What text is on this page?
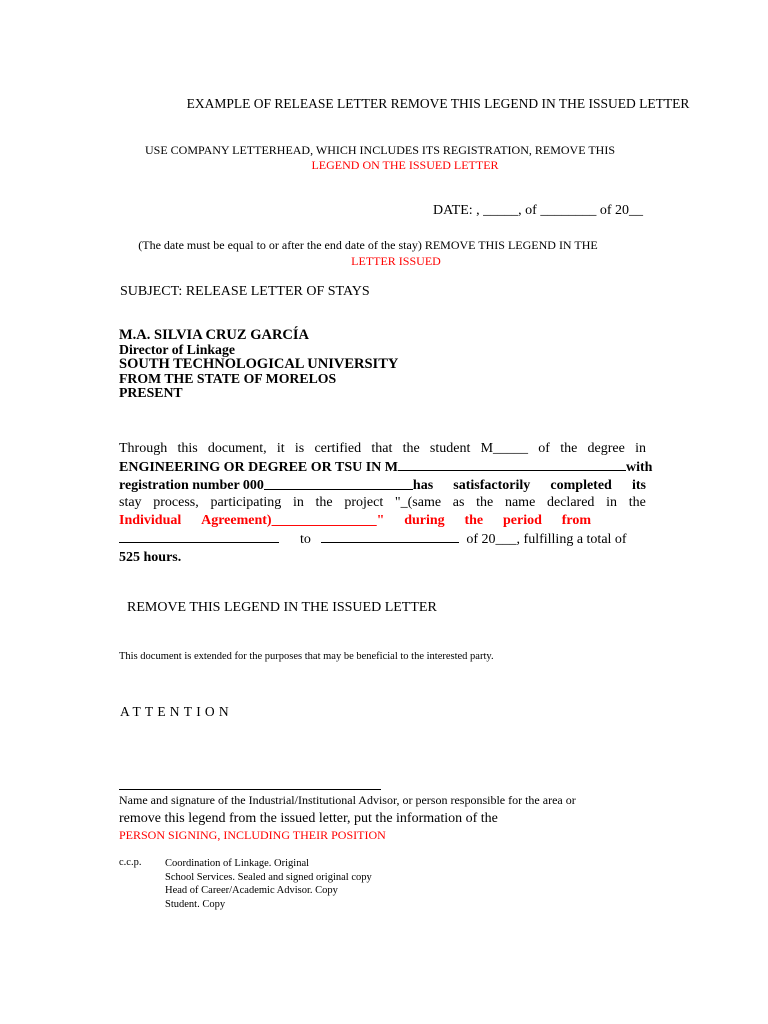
EXAMPLE OF RELEASE LETTER REMOVE THIS LEGEND IN THE ISSUED LETTER
USE COMPANY LETTERHEAD, WHICH INCLUDES ITS REGISTRATION, REMOVE THIS
LEGEND ON THE ISSUED LETTER
DATE: , _____, of ________ of 20__
(The date must be equal to or after the end date of the stay) REMOVE THIS LEGEND IN THE
LETTER ISSUED
SUBJECT: RELEASE LETTER OF STAYS
M.A. SILVIA CRUZ GARCÍA
Director of Linkage
SOUTH TECHNOLOGICAL UNIVERSITY
FROM THE STATE OF MORELOS
PRESENT
Through this document, it is certified that the student M_____ of the degree in
ENGINEERING OR DEGREE OR TSU IN M	with
registration number 000	has satisfactorily completed its
stay process, participating in the project "_(same as the name declared in the
Individual Agreement)_______________" during the period from
to	of 20___, fulfilling a total of
525 hours.
REMOVE THIS LEGEND IN THE ISSUED LETTER
This document is extended for the purposes that may be beneficial to the interested party.
ATTENTION
Name and signature of the Industrial/Institutional Advisor, or person responsible for the area or
remove this legend from the issued letter, put the information of the
PERSON SIGNING, INCLUDING THEIR POSITION
c.c.p. Coordination of Linkage. Original
School Services. Sealed and signed original copy
Head of Career/Academic Advisor. Copy
Student. Copy
